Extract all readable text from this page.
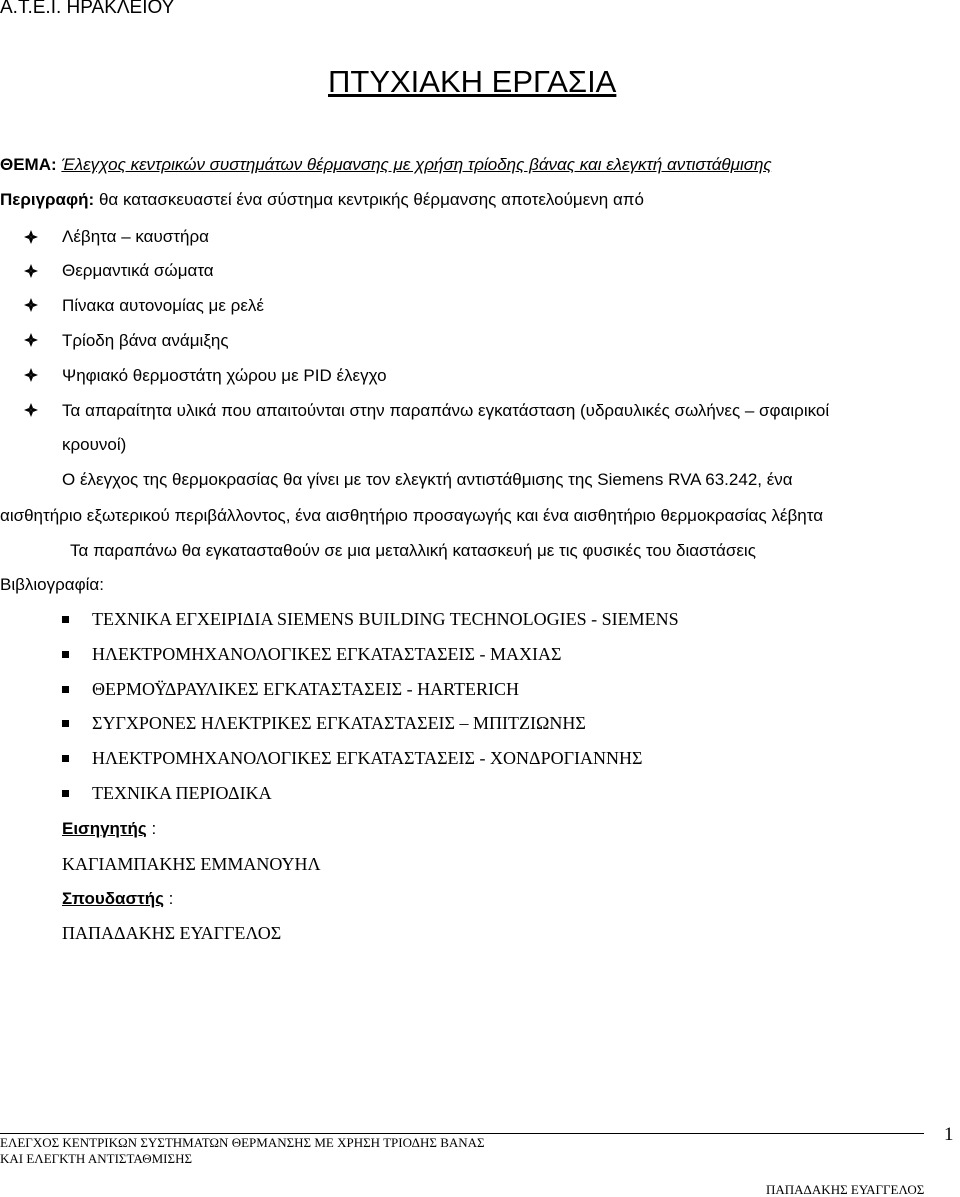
Α.Τ.Ε.Ι. ΗΡΑΚΛΕΙΟΥ
ΠΤΥΧΙΑΚΗ ΕΡΓΑΣΙΑ
ΘΕΜΑ: Έλεγχος κεντρικών συστημάτων θέρμανσης με χρήση τρίοδης βάνας και ελεγκτή αντιστάθμισης
Περιγραφή: θα κατασκευαστεί ένα σύστημα κεντρικής θέρμανσης αποτελούμενη από
Λέβητα – καυστήρα
Θερμαντικά σώματα
Πίνακα αυτονομίας με ρελέ
Τρίοδη βάνα ανάμιξης
Ψηφιακό θερμοστάτη χώρου με PID έλεγχο
Τα απαραίτητα υλικά που απαιτούνται στην παραπάνω εγκατάσταση (υδραυλικές σωλήνες – σφαιρικοί
κρουνοί)
Ο έλεγχος της θερμοκρασίας θα γίνει με τον ελεγκτή αντιστάθμισης της Siemens RVA 63.242, ένα
αισθητήριο εξωτερικού περιβάλλοντος, ένα αισθητήριο προσαγωγής και ένα αισθητήριο θερμοκρασίας λέβητα
Τα παραπάνω θα εγκατασταθούν σε μια μεταλλική κατασκευή με τις φυσικές του διαστάσεις
Βιβλιογραφία:
ΤΕΧΝΙΚΑ ΕΓΧΕΙΡΙΔΙΑ SIEMENS BUILDING TECHNOLOGIES - SIEMENS
ΗΛΕΚΤΡΟΜΗΧΑΝΟΛΟΓΙΚΕΣ ΕΓΚΑΤΑΣΤΑΣΕΙΣ - ΜΑΧΙΑΣ
ΘΕΡΜΟΫΔΡΑΥΛΙΚΕΣ ΕΓΚΑΤΑΣΤΑΣΕΙΣ - HARTERICH
ΣΥΓΧΡΟΝΕΣ ΗΛΕΚΤΡΙΚΕΣ ΕΓΚΑΤΑΣΤΑΣΕΙΣ – ΜΠΙΤΖΙΩΝΗΣ
ΗΛΕΚΤΡΟΜΗΧΑΝΟΛΟΓΙΚΕΣ ΕΓΚΑΤΑΣΤΑΣΕΙΣ - ΧΟΝΔΡΟΓΙΑΝΝΗΣ
ΤΕΧΝΙΚΑ ΠΕΡΙΟΔΙΚΑ
Εισηγητής :
ΚΑΓΙΑΜΠΑΚΗΣ ΕΜΜΑΝΟΥΗΛ
Σπουδαστής :
ΠΑΠΑΔΑΚΗΣ ΕΥΑΓΓΕΛΟΣ
1
ΕΛΕΓΧΟΣ ΚΕΝΤΡΙΚΩΝ ΣΥΣΤΗΜΑΤΩΝ ΘΕΡΜΑΝΣΗΣ ΜΕ ΧΡΗΣΗ ΤΡΙΟΔΗΣ ΒΑΝΑΣ
ΚΑΙ ΕΛΕΓΚΤΗ ΑΝΤΙΣΤΑΘΜΙΣΗΣ
ΠΑΠΑΔΑΚΗΣ ΕΥΑΓΓΕΛΟΣ
